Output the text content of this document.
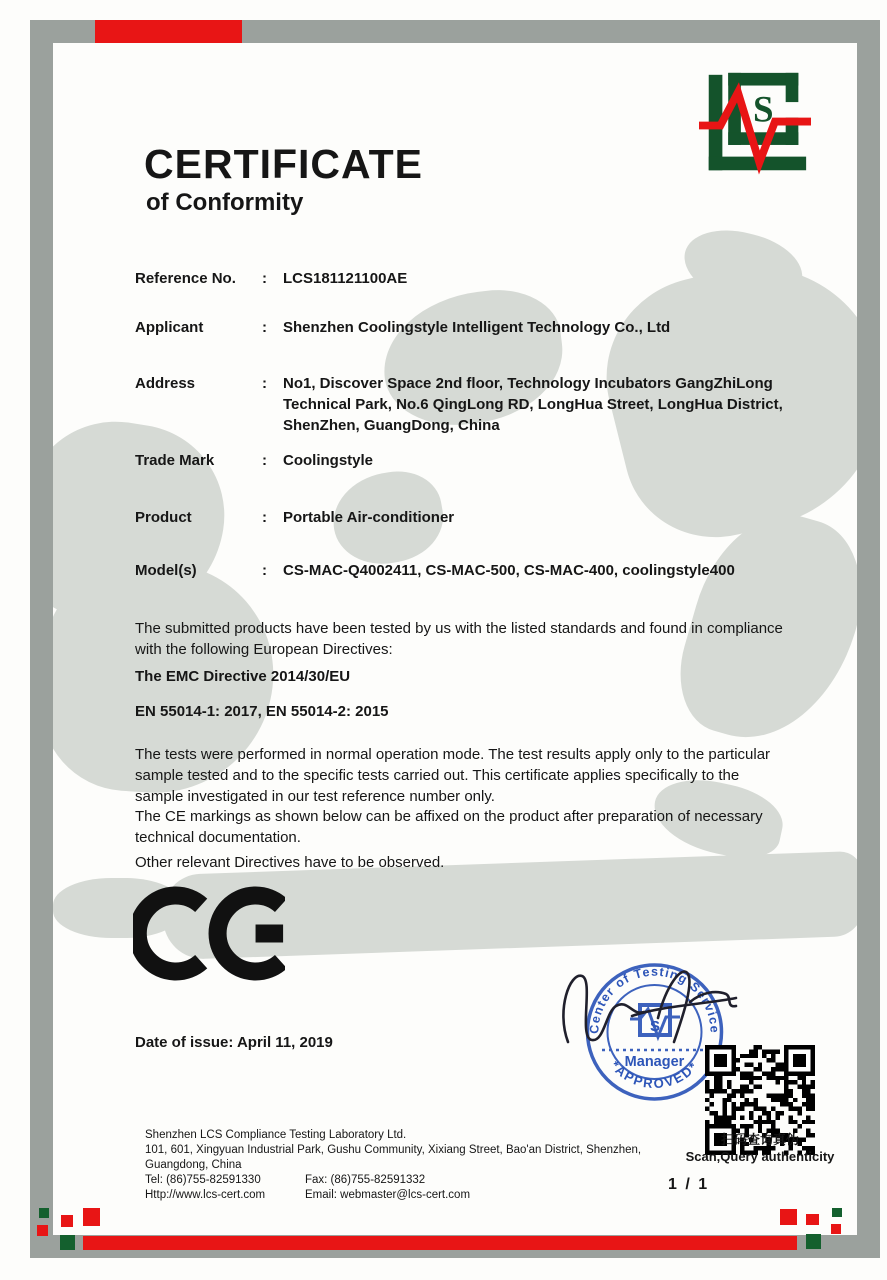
S
CERTIFICATE
of Conformity
Reference No.	:	LCS181121100AE
Applicant	:	Shenzhen Coolingstyle Intelligent Technology Co., Ltd
Address	:	No1, Discover Space 2nd floor, Technology Incubators GangZhiLong Technical Park, No.6 QingLong RD, LongHua Street, LongHua District, ShenZhen, GuangDong, China
Trade Mark	:	Coolingstyle
Product	:	Portable Air-conditioner
Model(s)	:	CS-MAC-Q4002411, CS-MAC-500, CS-MAC-400, coolingstyle400
The submitted products have been tested by us with the listed standards and found in compliance with the following European Directives:
The EMC Directive 2014/30/EU
EN 55014-1: 2017, EN 55014-2: 2015
The tests were performed in normal operation mode. The test results apply only to the particular sample tested and to the specific tests carried out. This certificate applies specifically to the sample investigated in our test reference number only.
The CE markings as shown below can be affixed on the product after preparation of necessary technical documentation.
Other relevant Directives have to be observed.
Date of issue: April 11, 2019
Center of Testing Service
*APPROVED*
S
Manager
扫码查询真伪
Scan,Query authenticity
1 / 1
Shenzhen LCS Compliance Testing Laboratory Ltd.
101, 601, Xingyuan Industrial Park, Gushu Community, Xixiang Street, Bao'an District, Shenzhen,
Guangdong, China
Tel: (86)755-82591330	Fax: (86)755-82591332
Http://www.lcs-cert.com	Email: webmaster@lcs-cert.com
